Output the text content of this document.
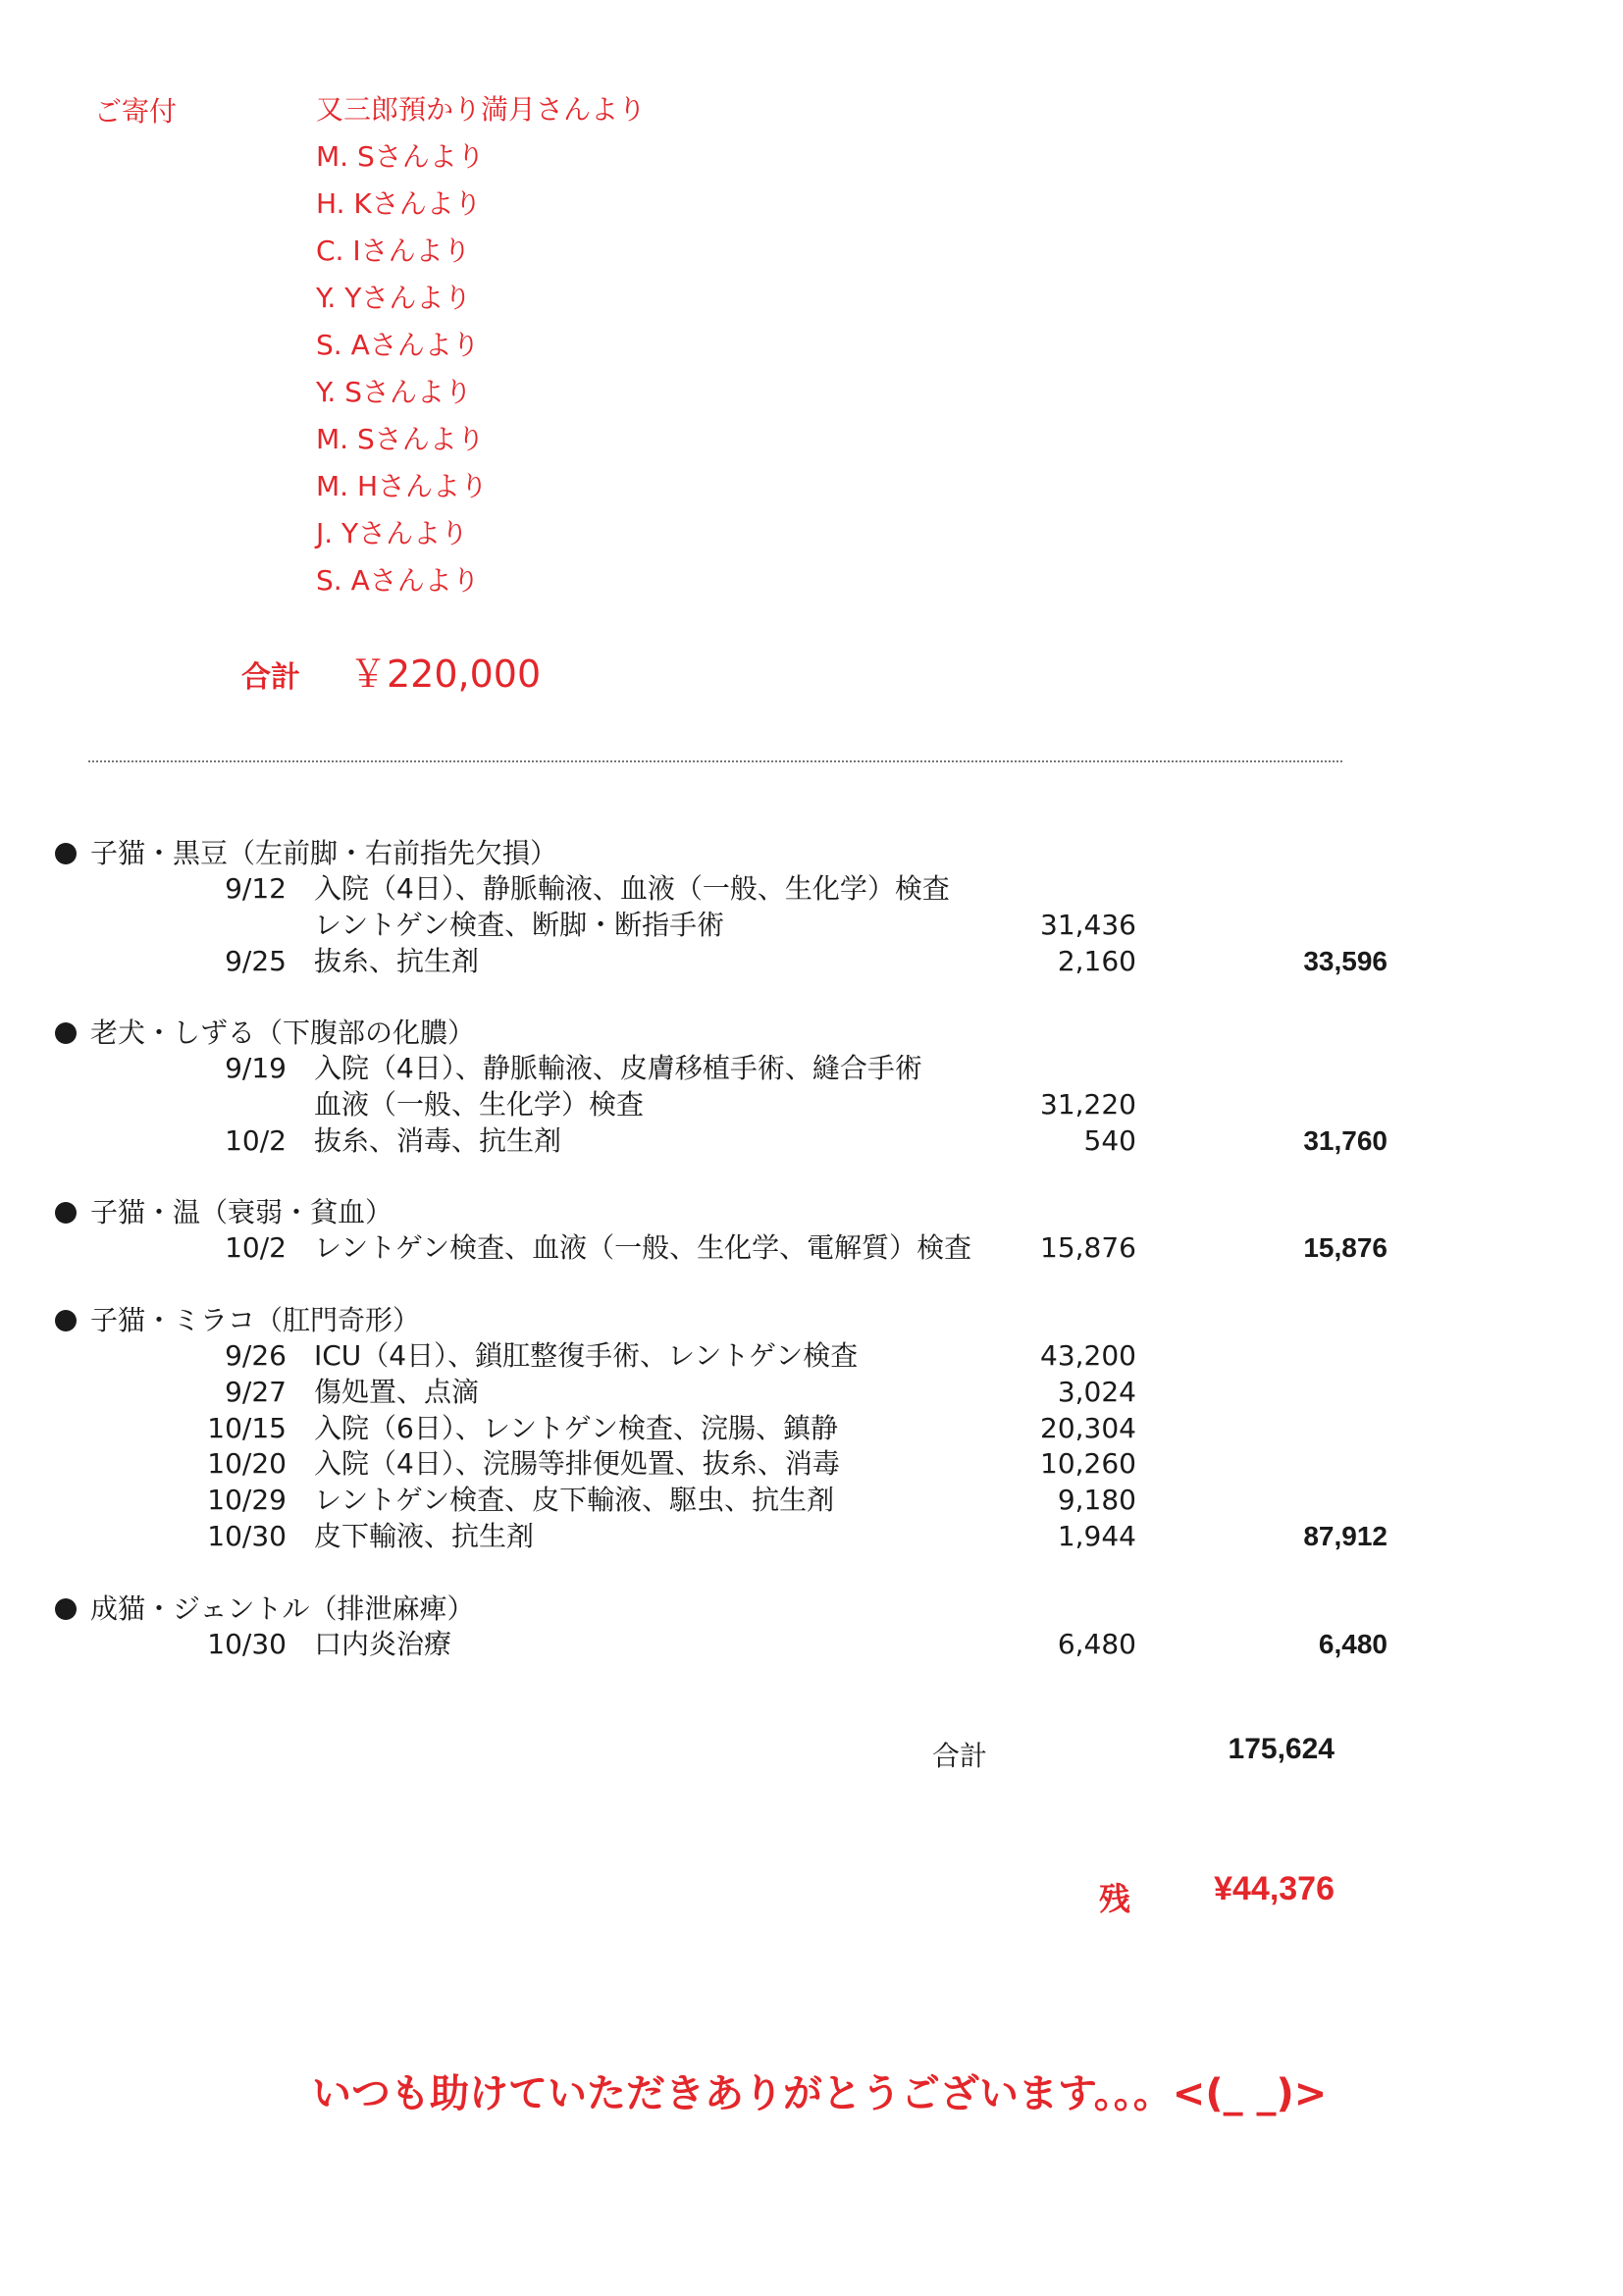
ご寄付	又三郎預かり満月さんより
M. Sさんより
H. Kさんより
C. Iさんより
Y. Yさんより
S. Aさんより
Y. Sさんより
M. Sさんより
M. Hさんより
J. Yさんより
S. Aさんより
合計 ￥220,000
子猫・黒豆（左前脚・右前指先欠損）
9/12 入院（4日）、静脈輸液、血液（一般、生化学）検査
レントゲン検査、断脚・断指手術	31,436
9/25 抜糸、抗生剤	2,160	33,596
老犬・しずる（下腹部の化膿）
9/19 入院（4日）、静脈輸液、皮膚移植手術、縫合手術
血液（一般、生化学）検査	31,220
10/2 抜糸、消毒、抗生剤	540	31,760
子猫・温（衰弱・貧血）
10/2 レントゲン検査、血液（一般、生化学、電解質）検査	15,876	15,876
子猫・ミラコ（肛門奇形）
9/26 ICU（4日）、鎖肛整復手術、レントゲン検査	43,200
9/27 傷処置、点滴	3,024
10/15 入院（6日）、レントゲン検査、浣腸、鎮静	20,304
10/20 入院（4日）、浣腸等排便処置、抜糸、消毒	10,260
10/29 レントゲン検査、皮下輸液、駆虫、抗生剤	9,180
10/30 皮下輸液、抗生剤	1,944	87,912
成猫・ジェントル（排泄麻痺）
10/30 口内炎治療	6,480	6,480
合計	175,624
残	¥44,376
いつも助けていただきありがとうございます。。。<(_ _)>
